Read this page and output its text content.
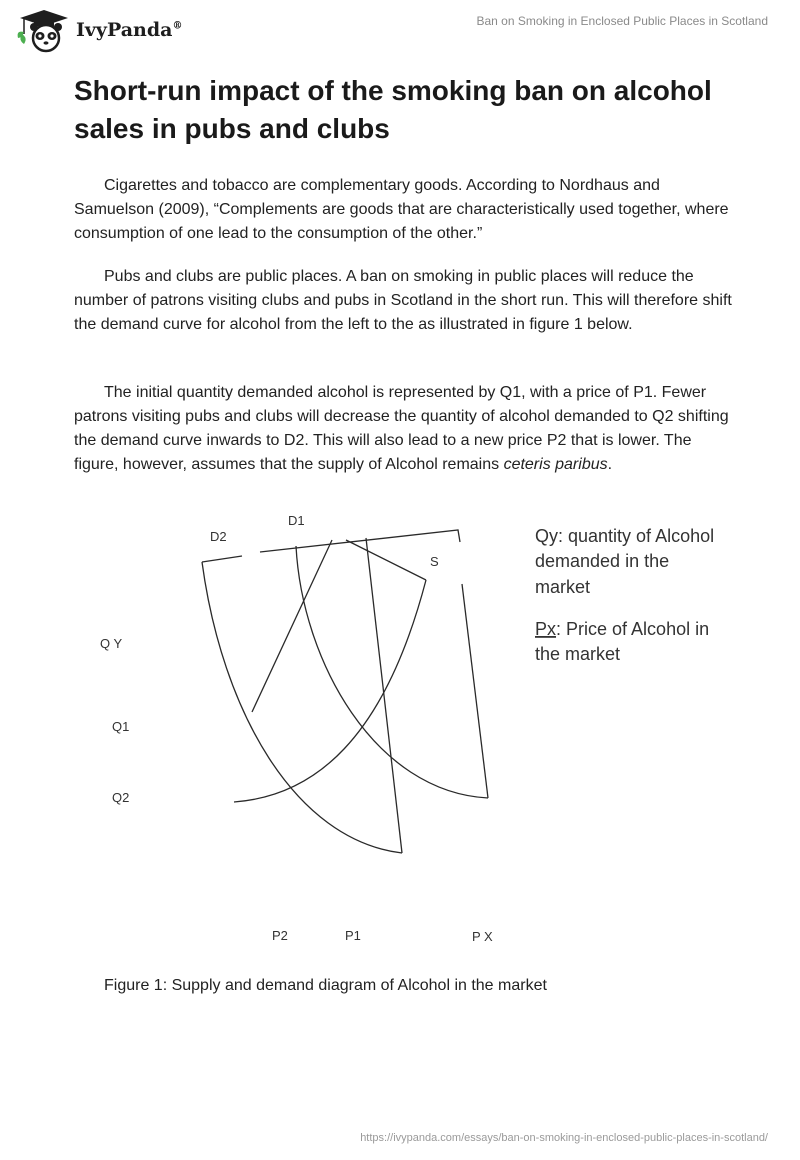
IvyPanda®	Ban on Smoking in Enclosed Public Places in Scotland
Short-run impact of the smoking ban on alcohol sales in pubs and clubs

Cigarettes and tobacco are complementary goods. According to Nordhaus and Samuelson (2009), “Complements are goods that are characteristically used together, where consumption of one lead to the consumption of the other.”

Pubs and clubs are public places. A ban on smoking in public places will reduce the number of patrons visiting clubs and pubs in Scotland in the short run. This will therefore shift the demand curve for alcohol from the left to the as illustrated in figure 1 below.

The initial quantity demanded alcohol is represented by Q1, with a price of P1. Fewer patrons visiting pubs and clubs will decrease the quantity of alcohol demanded to Q2 shifting the demand curve inwards to D2. This will also lead to a new price P2 that is lower. The figure, however, assumes that the supply of Alcohol remains ceteris paribus.

D2
D1
S
Q Y
Q1
Q2
P2	P1	P X
Qy: quantity of Alcohol
demanded in the
market
Px: Price of Alcohol in
the market
Figure 1: Supply and demand diagram of Alcohol in the market
https://ivypanda.com/essays/ban-on-smoking-in-enclosed-public-places-in-scotland/
